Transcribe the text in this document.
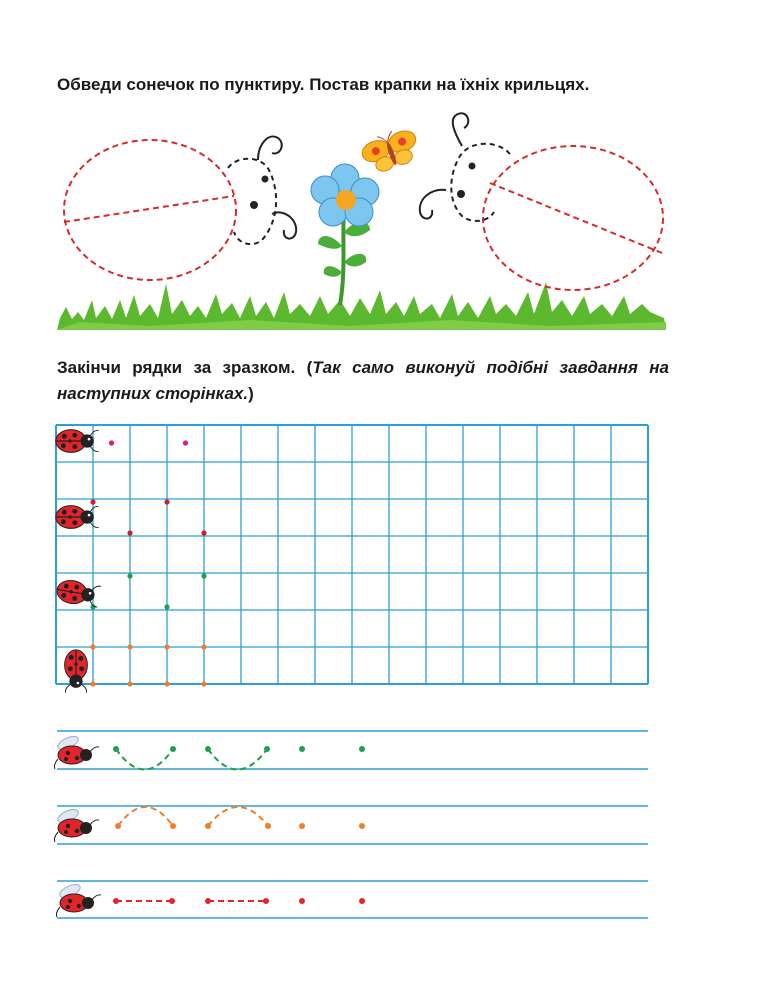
Обведи сонечок по пунктиру. Постав крапки на їхніх крильцях.
Закінчи рядки за зразком. (Так само виконуй подібні завдання на наступних сторінках.)
